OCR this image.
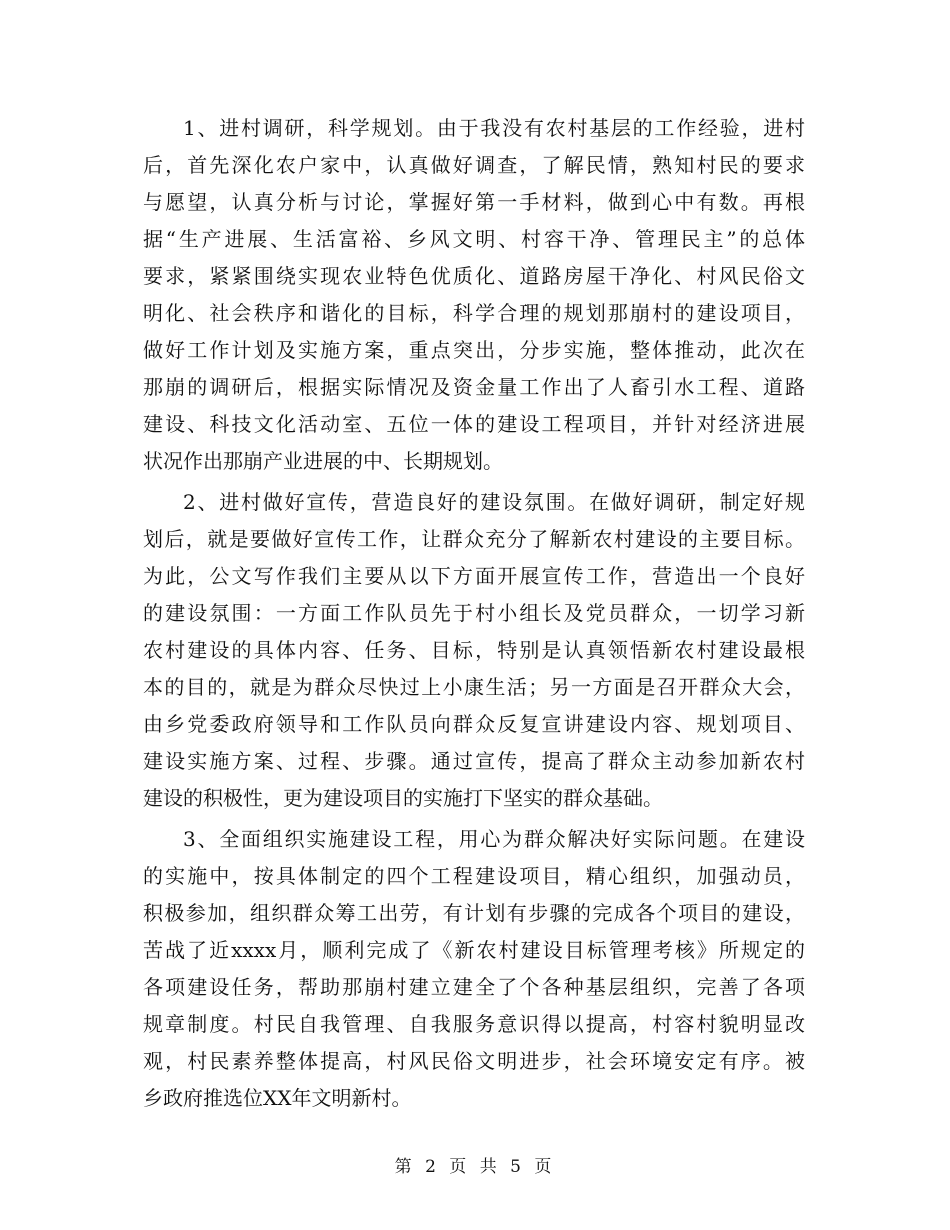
1、进村调研，科学规划。由于我没有农村基层的工作经验，进村
后，首先深化农户家中，认真做好调查，了解民情，熟知村民的要求
与愿望，认真分析与讨论，掌握好第一手材料，做到心中有数。再根
据“生产进展、生活富裕、乡风文明、村容干净、管理民主”的总体
要求，紧紧围绕实现农业特色优质化、道路房屋干净化、村风民俗文
明化、社会秩序和谐化的目标，科学合理的规划那崩村的建设项目，
做好工作计划及实施方案，重点突出，分步实施，整体推动，此次在
那崩的调研后，根据实际情况及资金量工作出了人畜引水工程、道路
建设、科技文化活动室、五位一体的建设工程项目，并针对经济进展
状况作出那崩产业进展的中、长期规划。
2、进村做好宣传，营造良好的建设氛围。在做好调研，制定好规
划后，就是要做好宣传工作，让群众充分了解新农村建设的主要目标。
为此，公文写作我们主要从以下方面开展宣传工作，营造出一个良好
的建设氛围：一方面工作队员先于村小组长及党员群众，一切学习新
农村建设的具体内容、任务、目标，特别是认真领悟新农村建设最根
本的目的，就是为群众尽快过上小康生活；另一方面是召开群众大会，
由乡党委政府领导和工作队员向群众反复宣讲建设内容、规划项目、
建设实施方案、过程、步骤。通过宣传，提高了群众主动参加新农村
建设的积极性，更为建设项目的实施打下坚实的群众基础。
3、全面组织实施建设工程，用心为群众解决好实际问题。在建设
的实施中，按具体制定的四个工程建设项目，精心组织，加强动员，
积极参加，组织群众筹工出劳，有计划有步骤的完成各个项目的建设，
苦战了近xxxx月，顺利完成了《新农村建设目标管理考核》所规定的
各项建设任务，帮助那崩村建立建全了个各种基层组织，完善了各项
规章制度。村民自我管理、自我服务意识得以提高，村容村貌明显改
观，村民素养整体提高，村风民俗文明进步，社会环境安定有序。被
乡政府推选位XX年文明新村。
第 2 页 共 5 页
